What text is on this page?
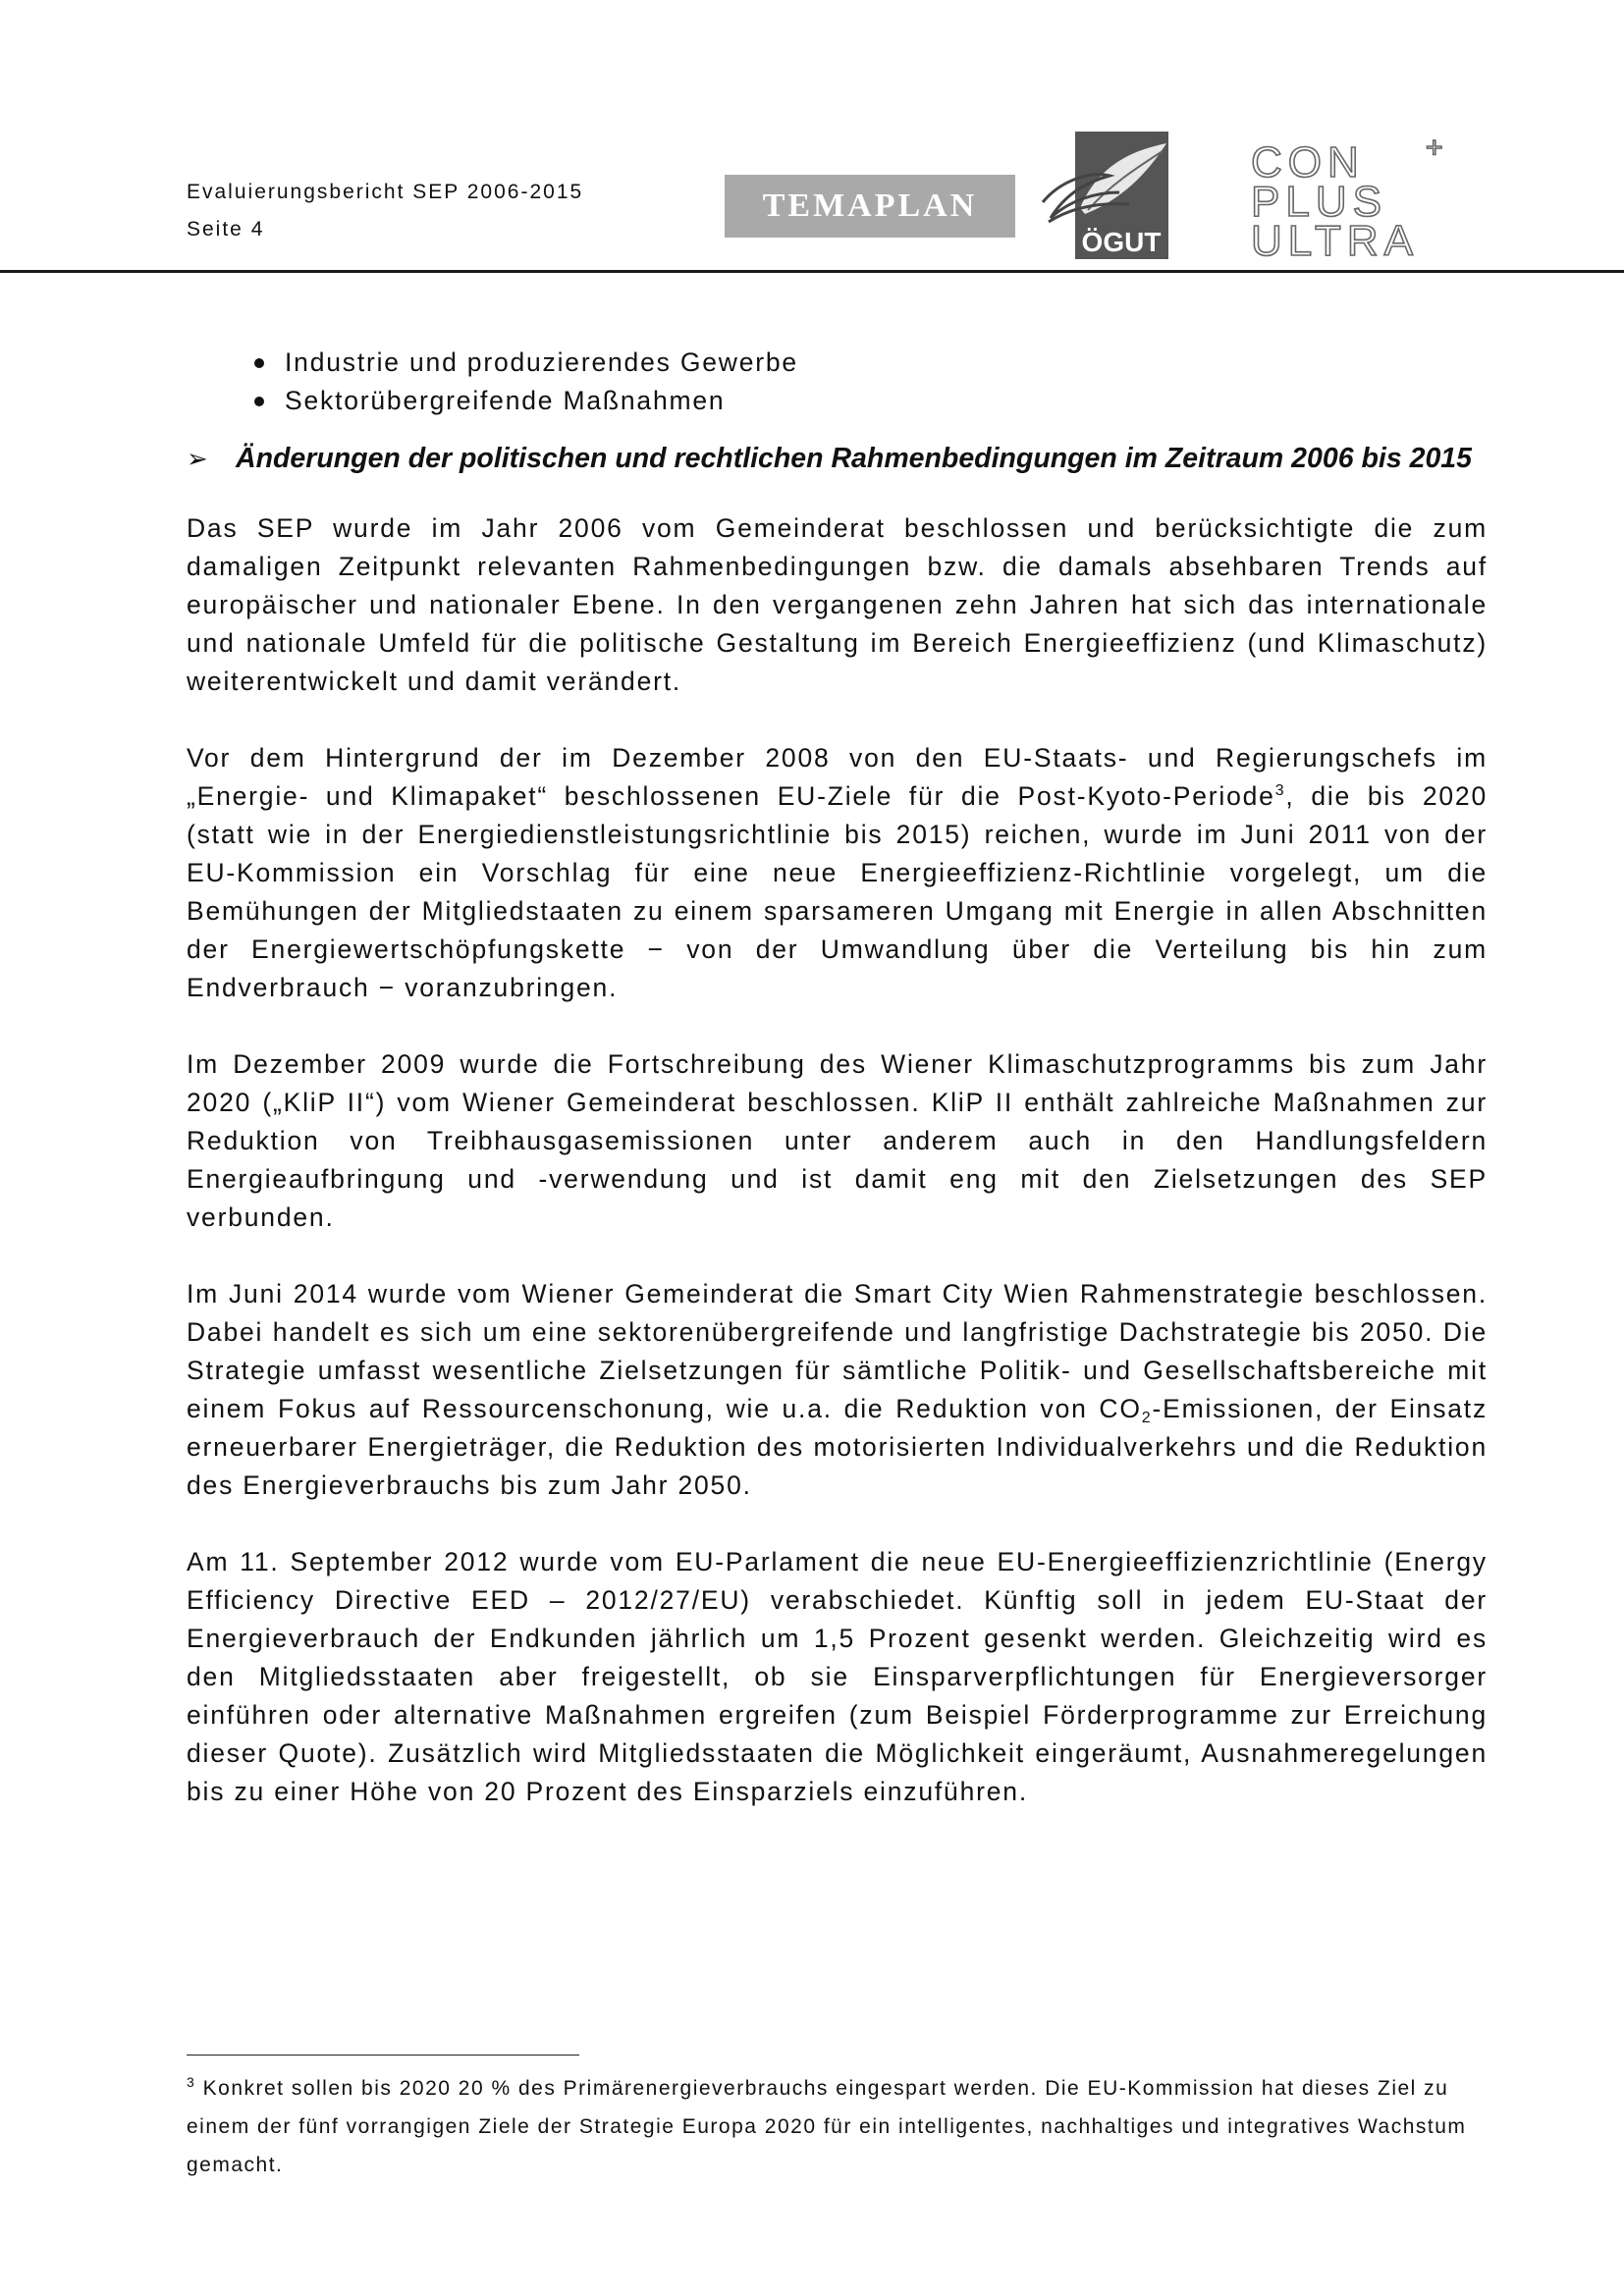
Evaluierungsbericht SEP 2006-2015
Seite 4
TEMAPLAN
ÖGUT
CON
PLUS
ULTRA
+
Industrie und produzierendes Gewerbe
Sektorübergreifende Maßnahmen
➢ Änderungen der politischen und rechtlichen Rahmenbedingungen im Zeitraum 2006 bis 2015

Das SEP wurde im Jahr 2006 vom Gemeinderat beschlossen und berücksichtigte die zum damaligen Zeitpunkt relevanten Rahmenbedingungen bzw. die damals absehbaren Trends auf europäischer und nationaler Ebene. In den vergangenen zehn Jahren hat sich das internationale und nationale Umfeld für die politische Gestaltung im Bereich Energieeffizienz (und Klimaschutz) weiterentwickelt und damit verändert.

Vor dem Hintergrund der im Dezember 2008 von den EU-Staats- und Regierungschefs im „Energie- und Klimapaket“ beschlossenen EU-Ziele für die Post-Kyoto-Periode$^3$, die bis 2020 (statt wie in der Energiedienstleistungsrichtlinie bis 2015) reichen, wurde im Juni 2011 von der EU-Kommission ein Vorschlag für eine neue Energieeffizienz-Richtlinie vorgelegt, um die Bemühungen der Mitgliedstaaten zu einem sparsameren Umgang mit Energie in allen Abschnitten der Energiewertschöpfungskette − von der Umwandlung über die Verteilung bis hin zum Endverbrauch − voranzubringen.

Im Dezember 2009 wurde die Fortschreibung des Wiener Klimaschutzprogramms bis zum Jahr 2020 („KliP II“) vom Wiener Gemeinderat beschlossen. KliP II enthält zahlreiche Maßnahmen zur Reduktion von Treibhausgasemissionen unter anderem auch in den Handlungsfeldern Energieaufbringung und -verwendung und ist damit eng mit den Zielsetzungen des SEP verbunden.

Im Juni 2014 wurde vom Wiener Gemeinderat die Smart City Wien Rahmenstrategie beschlossen. Dabei handelt es sich um eine sektorenübergreifende und langfristige Dachstrategie bis 2050. Die Strategie umfasst wesentliche Zielsetzungen für sämtliche Politik- und Gesellschaftsbereiche mit einem Fokus auf Ressourcenschonung, wie u.a. die Reduktion von $CO_2$-Emissionen, der Einsatz erneuerbarer Energieträger, die Reduktion des motorisierten Individualverkehrs und die Reduktion des Energieverbrauchs bis zum Jahr 2050.

Am 11. September 2012 wurde vom EU-Parlament die neue EU-Energieeffizienzrichtlinie (Energy Efficiency Directive EED – 2012/27/EU) verabschiedet. Künftig soll in jedem EU-Staat der Energieverbrauch der Endkunden jährlich um 1,5 Prozent gesenkt werden. Gleichzeitig wird es den Mitgliedsstaaten aber freigestellt, ob sie Einsparverpflichtungen für Energieversorger einführen oder alternative Maßnahmen ergreifen (zum Beispiel Förderprogramme zur Erreichung dieser Quote). Zusätzlich wird Mitgliedsstaaten die Möglichkeit eingeräumt, Ausnahmeregelungen bis zu einer Höhe von 20 Prozent des Einsparziels einzuführen.

$^3$ Konkret sollen bis 2020 20 % des Primärenergieverbrauchs eingespart werden. Die EU-Kommission hat dieses Ziel zu einem der fünf vorrangigen Ziele der Strategie Europa 2020 für ein intelligentes, nachhaltiges und integratives Wachstum gemacht.
